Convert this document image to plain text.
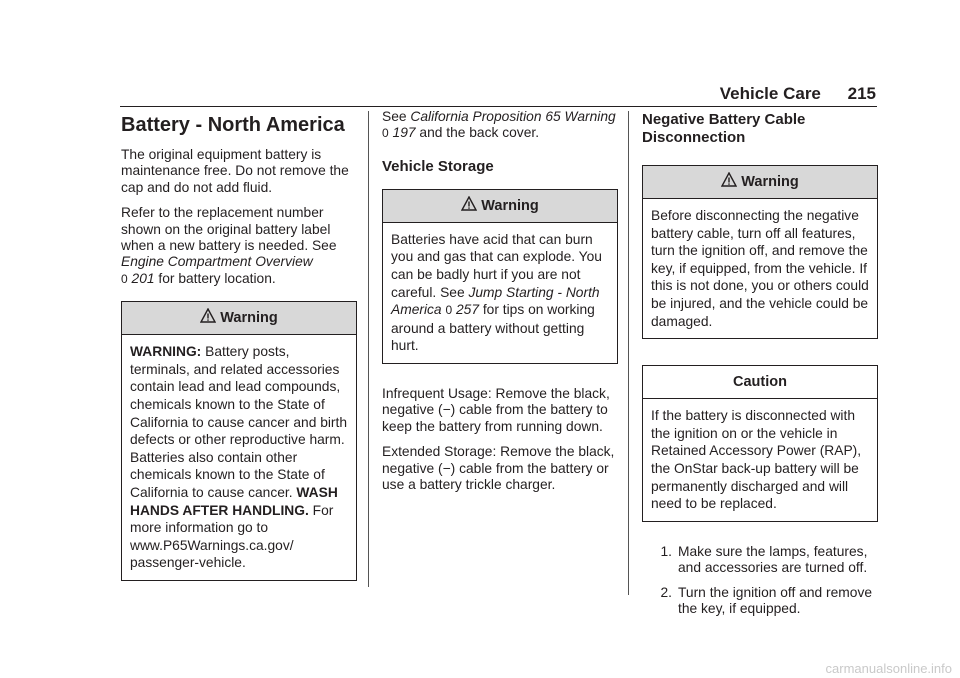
Vehicle Care 215
Battery - North America

The original equipment battery is maintenance free. Do not remove the cap and do not add fluid.

Refer to the replacement number shown on the original battery label when a new battery is needed. See Engine Compartment Overview
0 201 for battery location.

Warning
WARNING: Battery posts, terminals, and related accessories contain lead and lead compounds, chemicals known to the State of California to cause cancer and birth defects or other reproductive harm. Batteries also contain other chemicals known to the State of California to cause cancer. WASH HANDS AFTER HANDLING. For more information go to www.P65Warnings.ca.gov/ passenger-vehicle.

See California Proposition 65 Warning 0 197 and the back cover.

Vehicle Storage
Warning
Batteries have acid that can burn you and gas that can explode. You can be badly hurt if you are not careful. See Jump Starting - North America 0 257 for tips on working around a battery without getting hurt.

Infrequent Usage: Remove the black, negative (−) cable from the battery to keep the battery from running down.

Extended Storage: Remove the black, negative (−) cable from the battery or use a battery trickle charger.

Negative Battery Cable Disconnection
Warning
Before disconnecting the negative battery cable, turn off all features, turn the ignition off, and remove the key, if equipped, from the vehicle. If this is not done, you or others could be injured, and the vehicle could be damaged.
Caution
If the battery is disconnected with the ignition on or the vehicle in Retained Accessory Power (RAP), the OnStar back-up battery will be permanently discharged and will need to be replaced.
1. Make sure the lamps, features, and accessories are turned off.
2. Turn the ignition off and remove the key, if equipped.
carmanualsonline.info
